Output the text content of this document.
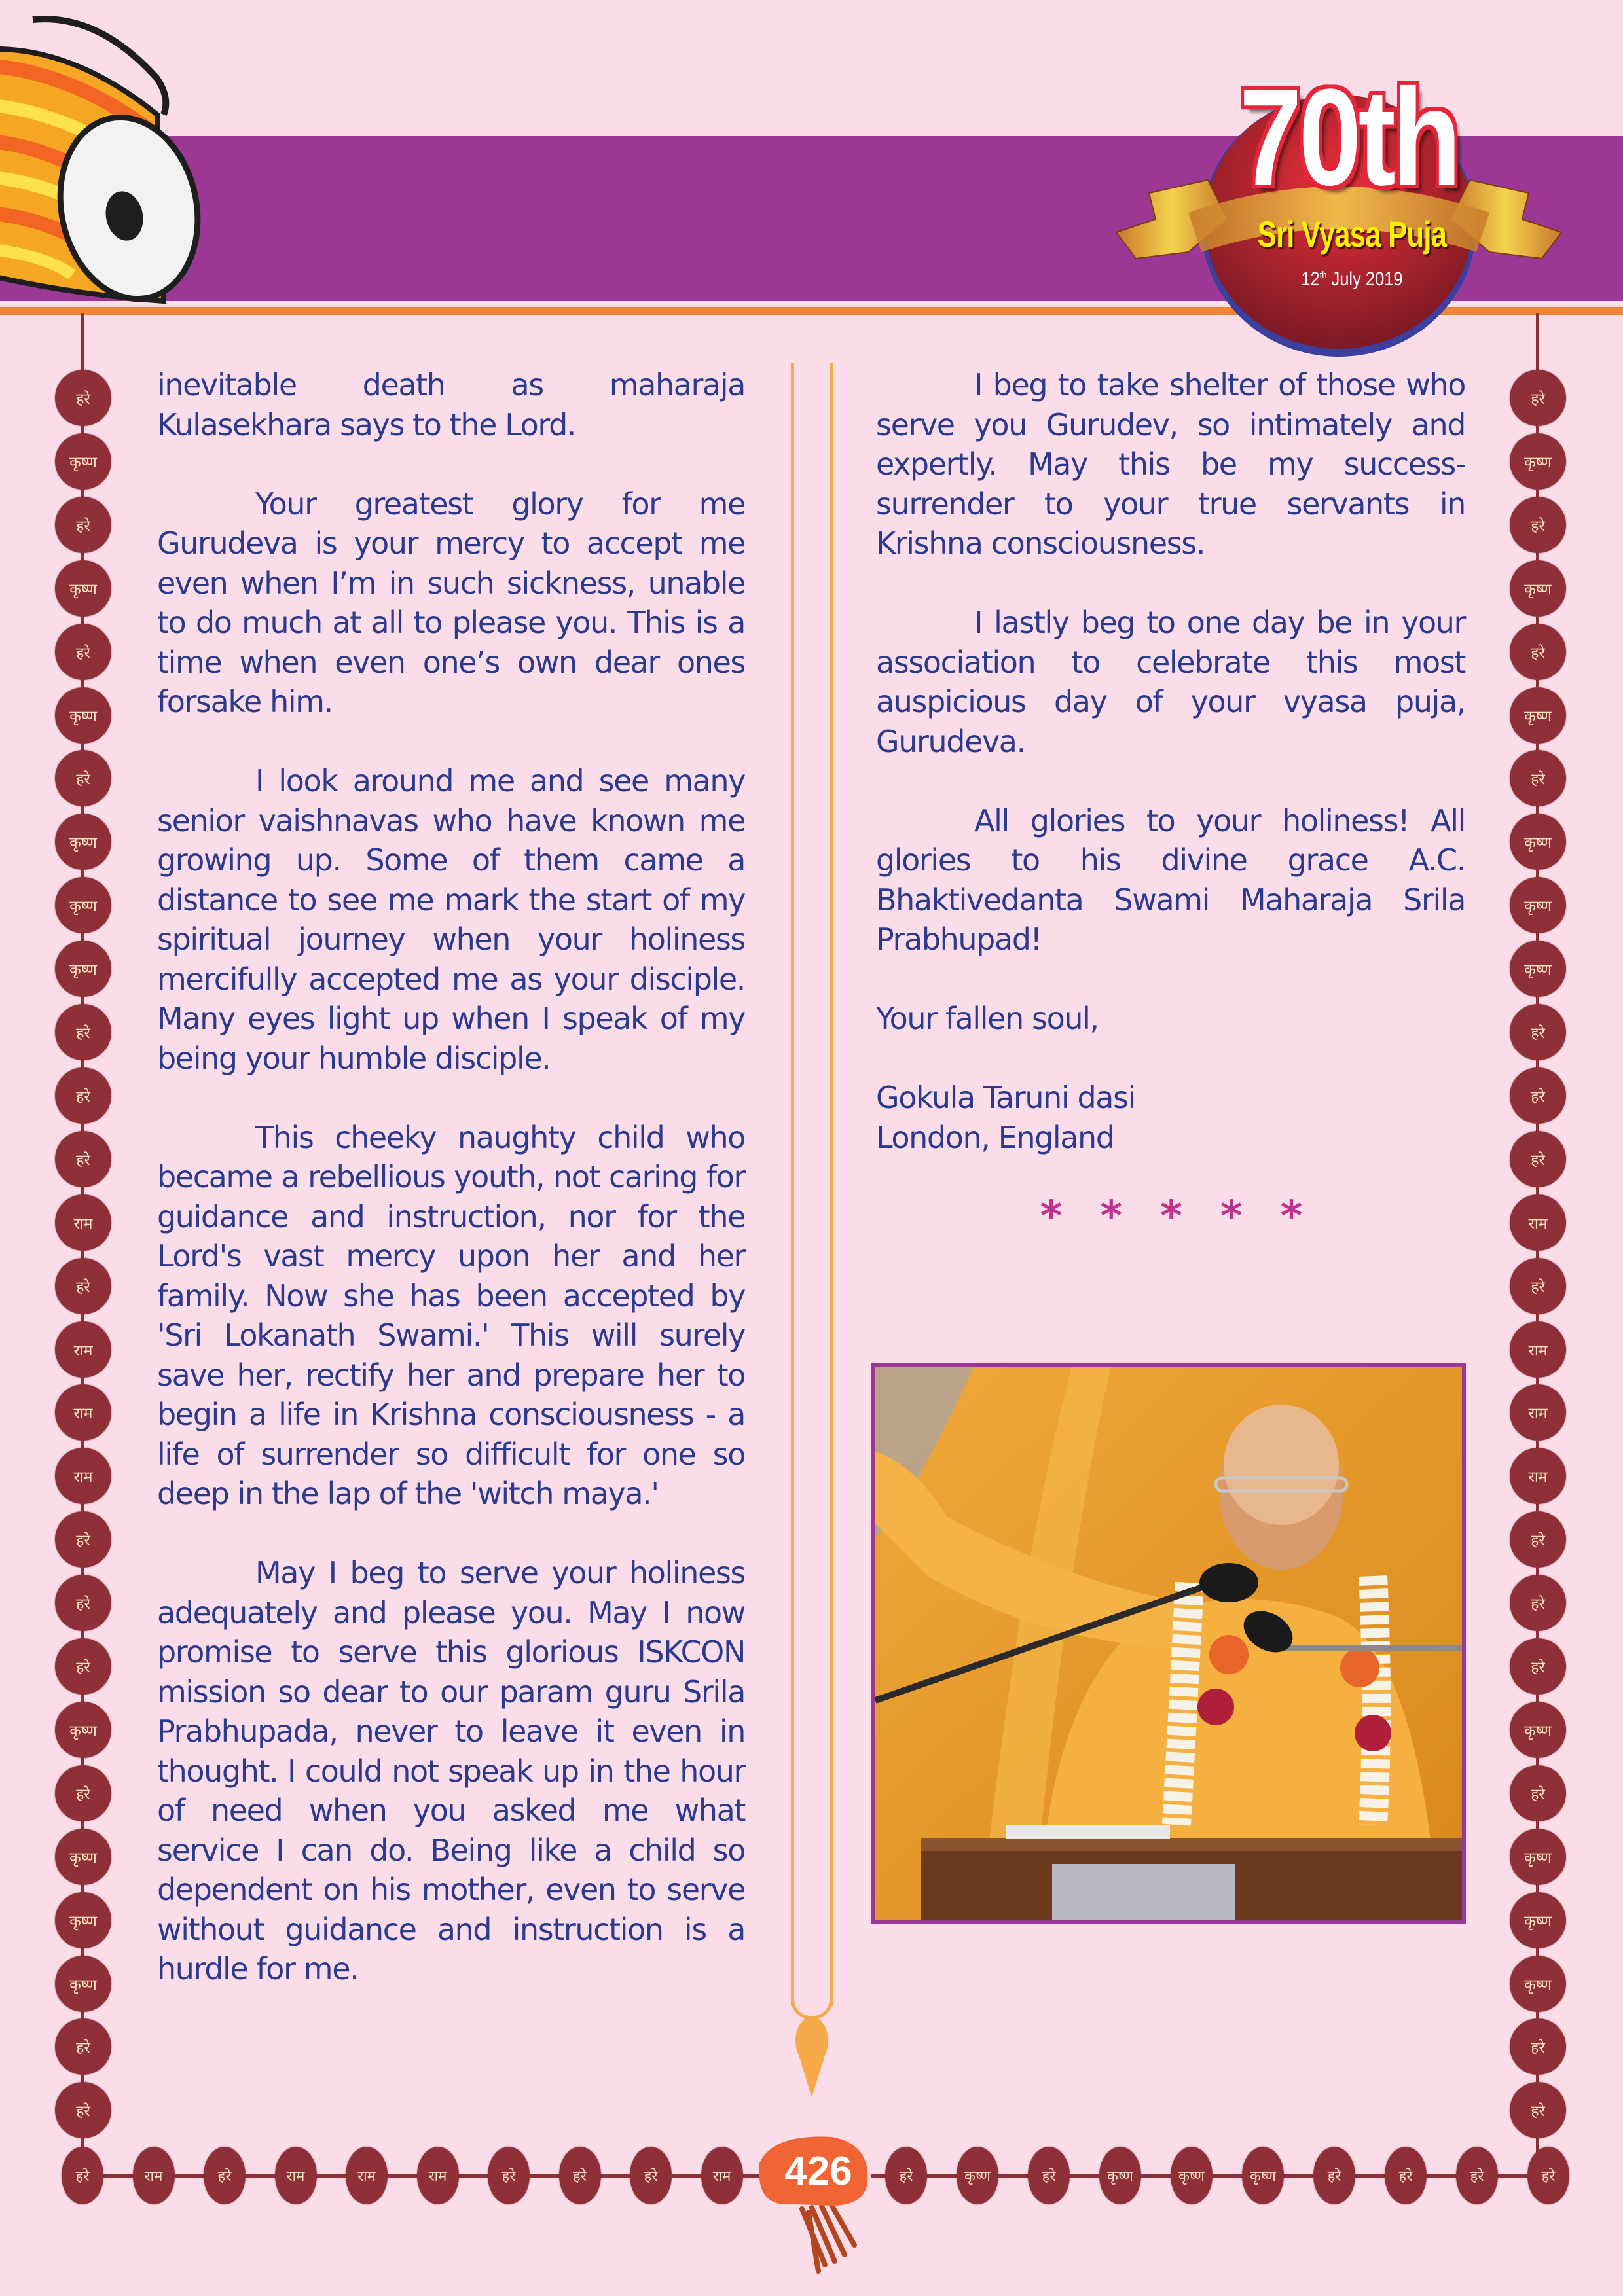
70th
Sri Vyasa Puja
12th July 2019
हरे
कृष्ण
हरे
कृष्ण
हरे
कृष्ण
हरे
कृष्ण
कृष्ण
कृष्ण
हरे
हरे
हरे
राम
हरे
राम
राम
राम
हरे
हरे
हरे
कृष्ण
हरे
कृष्ण
कृष्ण
कृष्ण
हरे
हरे
हरे
कृष्ण
हरे
कृष्ण
हरे
कृष्ण
हरे
कृष्ण
कृष्ण
कृष्ण
हरे
हरे
हरे
राम
हरे
राम
राम
राम
हरे
हरे
हरे
कृष्ण
हरे
कृष्ण
कृष्ण
कृष्ण
हरे
हरे
हरे	राम	हरे	राम	राम	राम	हरे	हरे	हरे	राम	हरे	कृष्ण	हरे	कृष्ण	कृष्ण	कृष्ण	हरे	हरे	हरे	हरे

inevitable death as maharaja Kulasekhara says to the Lord.

Your greatest glory for me Gurudeva is your mercy to accept me even when I’m in such sickness, unable to do much at all to please you. This is a time when even one’s own dear ones forsake him.

I look around me and see many senior vaishnavas who have known me growing up. Some of them came a distance to see me mark the start of my spiritual journey when your holiness mercifully accepted me as your disciple. Many eyes light up when I speak of my being your humble disciple.

This cheeky naughty child who became a rebellious youth, not caring for guidance and instruction, nor for the Lord's vast mercy upon her and her family. Now she has been accepted by 'Sri Lokanath Swami.' This will surely save her, rectify her and prepare her to begin a life in Krishna consciousness - a life of surrender so difficult for one so deep in the lap of the 'witch maya.'

May I beg to serve your holiness adequately and please you. May I now promise to serve this glorious ISKCON mission so dear to our param guru Srila Prabhupada, never to leave it even in thought. I could not speak up in the hour of need when you asked me what service I can do. Being like a child so dependent on his mother, even to serve without guidance and instruction is a hurdle for me.

I beg to take shelter of those who serve you Gurudev, so intimately and expertly. May this be my success-surrender to your true servants in Krishna consciousness.

I lastly beg to one day be in your association to celebrate this most auspicious day of your vyasa puja, Gurudeva.

All glories to your holiness! All glories to his divine grace A.C. Bhaktivedanta Swami Maharaja Srila Prabhupad!

Your fallen soul,

Gokula Taruni dasi

London, England

* * * * *
426
